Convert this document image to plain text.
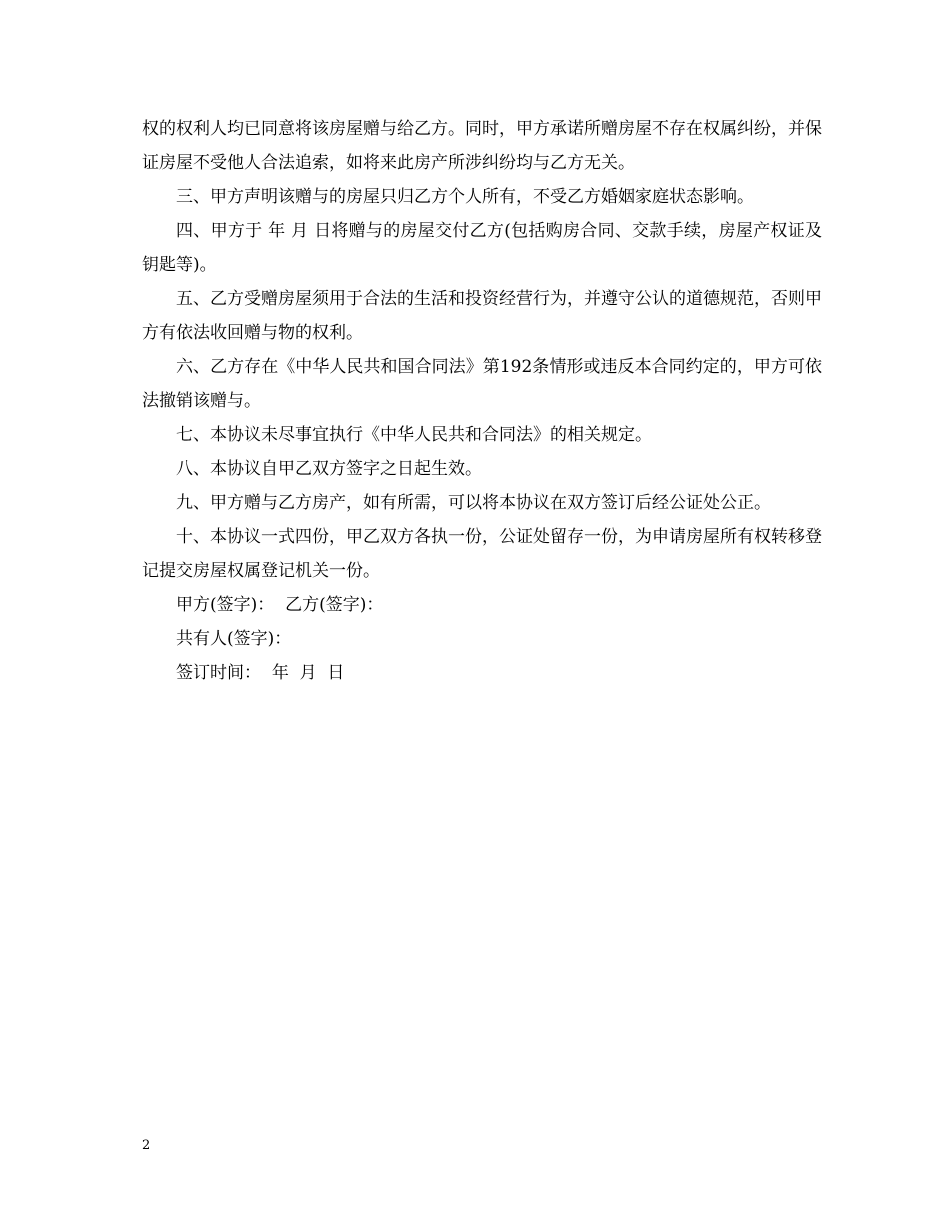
权的权利人均已同意将该房屋赠与给乙方。同时，甲方承诺所赠房屋不存在权属纠纷，并保证房屋不受他人合法追索，如将来此房产所涉纠纷均与乙方无关。

三、甲方声明该赠与的房屋只归乙方个人所有，不受乙方婚姻家庭状态影响。

四、甲方于 年 月 日将赠与的房屋交付乙方(包括购房合同、交款手续，房屋产权证及钥匙等)。

五、乙方受赠房屋须用于合法的生活和投资经营行为，并遵守公认的道德规范，否则甲方有依法收回赠与物的权利。

六、乙方存在《中华人民共和国合同法》第192条情形或违反本合同约定的，甲方可依法撤销该赠与。

七、本协议未尽事宜执行《中华人民共和合同法》的相关规定。

八、本协议自甲乙双方签字之日起生效。

九、甲方赠与乙方房产，如有所需，可以将本协议在双方签订后经公证处公正。

十、本协议一式四份，甲乙双方各执一份，公证处留存一份，为申请房屋所有权转移登记提交房屋权属登记机关一份。

甲方(签字)： 乙方(签字)：

共有人(签字)：

签订时间： 年  月  日

2
